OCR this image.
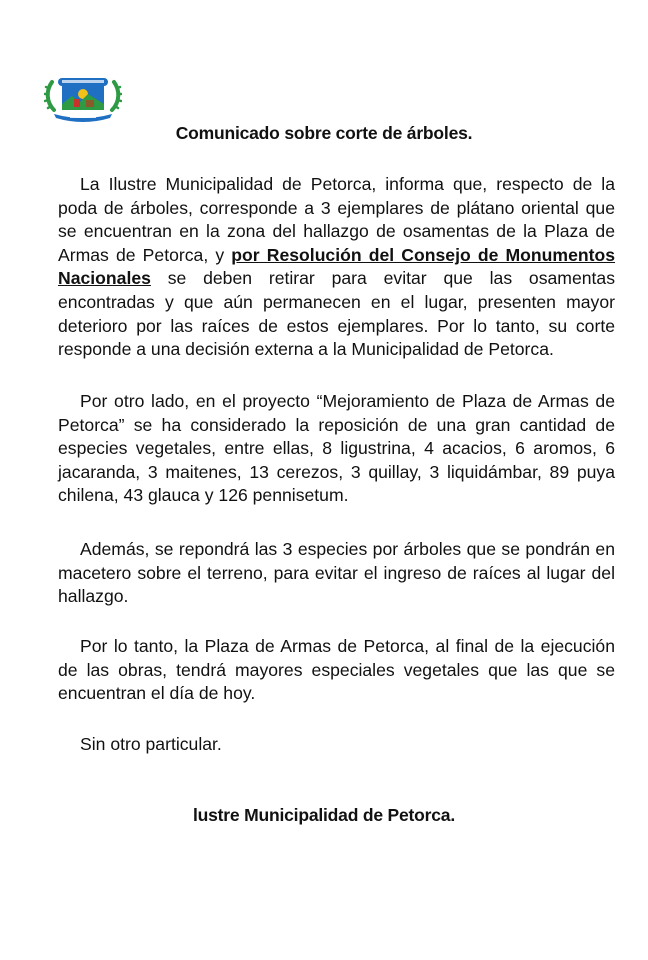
Comunicado sobre corte de árboles.

La Ilustre Municipalidad de Petorca, informa que, respecto de la poda de árboles, corresponde a 3 ejemplares de plátano oriental que se encuentran en la zona del hallazgo de osamentas de la Plaza de Armas de Petorca, y por Resolución del Consejo de Monumentos Nacionales se deben retirar para evitar que las osamentas encontradas y que aún permanecen en el lugar, presenten mayor deterioro por las raíces de estos ejemplares. Por lo tanto, su corte responde a una decisión externa a la Municipalidad de Petorca.

Por otro lado, en el proyecto “Mejoramiento de Plaza de Armas de Petorca” se ha considerado la reposición de una gran cantidad de especies vegetales, entre ellas, 8 ligustrina, 4 acacios, 6 aromos, 6 jacaranda, 3 maitenes, 13 cerezos, 3 quillay, 3 liquidámbar, 89 puya chilena, 43 glauca y 126 pennisetum.

Además, se repondrá las 3 especies por árboles que se pondrán en macetero sobre el terreno, para evitar el ingreso de raíces al lugar del hallazgo.

Por lo tanto, la Plaza de Armas de Petorca, al final de la ejecución de las obras, tendrá mayores especiales vegetales que las que se encuentran el día de hoy.

Sin otro particular.

lustre Municipalidad de Petorca.
